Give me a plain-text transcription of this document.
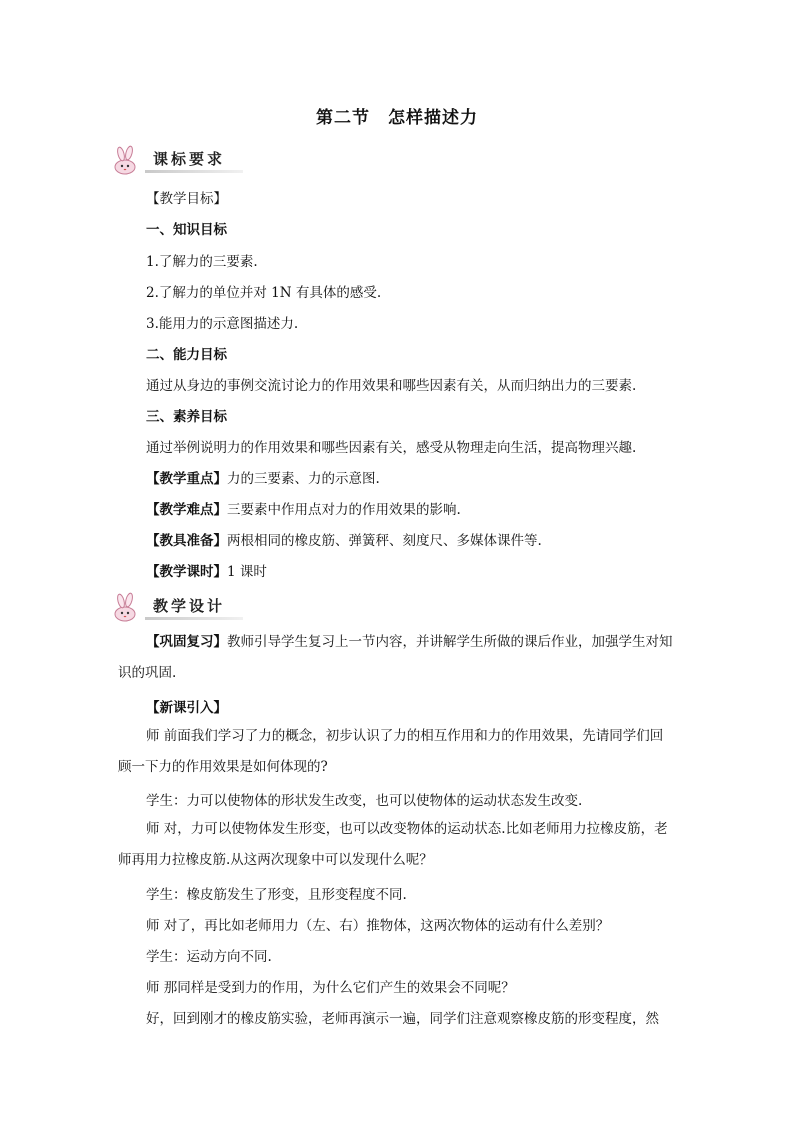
第二节　怎样描述力
课标要求
【教学目标】
一、知识目标
1.了解力的三要素.
2.了解力的单位并对 1N 有具体的感受.
3.能用力的示意图描述力.
二、能力目标
通过从身边的事例交流讨论力的作用效果和哪些因素有关，从而归纳出力的三要素.
三、素养目标
通过举例说明力的作用效果和哪些因素有关，感受从物理走向生活，提高物理兴趣.
【教学重点】力的三要素、力的示意图.
【教学难点】三要素中作用点对力的作用效果的影响.
【教具准备】两根相同的橡皮筋、弹簧秤、刻度尺、多媒体课件等.
【教学课时】1 课时
教学设计
【巩固复习】教师引导学生复习上一节内容，并讲解学生所做的课后作业，加强学生对知识的巩固.
【新课引入】
师 前面我们学习了力的概念，初步认识了力的相互作用和力的作用效果，先请同学们回顾一下力的作用效果是如何体现的?
学生：力可以使物体的形状发生改变，也可以使物体的运动状态发生改变.
师 对，力可以使物体发生形变，也可以改变物体的运动状态.比如老师用力拉橡皮筋，老师再用力拉橡皮筋.从这两次现象中可以发现什么呢？
学生：橡皮筋发生了形变，且形变程度不同.
师 对了，再比如老师用力（左、右）推物体，这两次物体的运动有什么差别？
学生：运动方向不同.
师 那同样是受到力的作用，为什么它们产生的效果会不同呢？
好，回到刚才的橡皮筋实验，老师再演示一遍，同学们注意观察橡皮筋的形变程度，然
